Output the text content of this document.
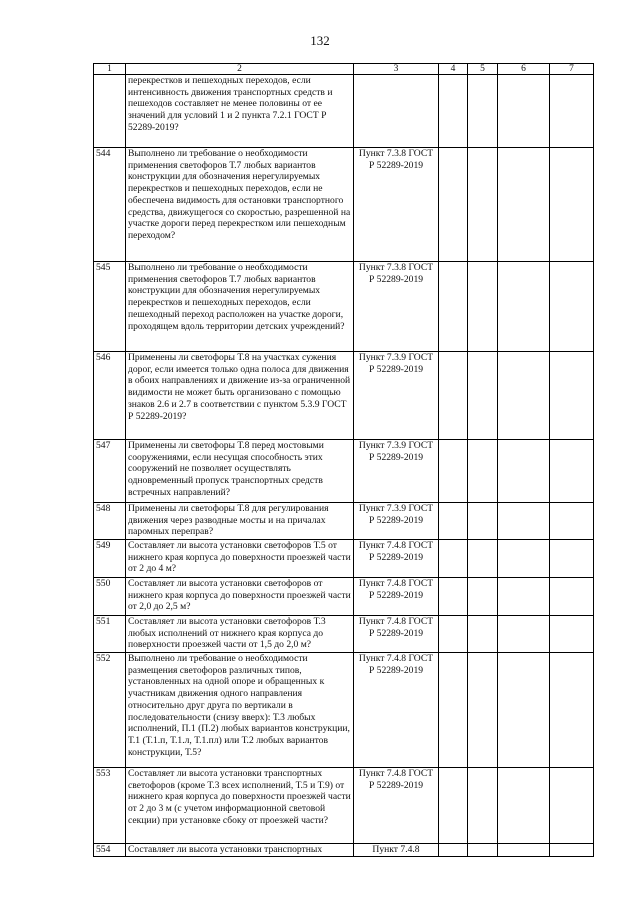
132
1	2	3	4	5	6	7
	перекрестков и пешеходных переходов, если интенсивность движения транспортных средств и пешеходов составляет не менее половины от ее значений для условий 1 и 2 пункта 7.2.1 ГОСТ Р 52289-2019?					
544	Выполнено ли требование о необходимости применения светофоров Т.7 любых вариантов конструкции для обозначения нерегулируемых перекрестков и пешеходных переходов, если не обеспечена видимость для остановки транспортного средства, движущегося со скоростью, разрешенной на участке дороги перед перекрестком или пешеходным переходом?	Пункт 7.3.8 ГОСТ Р 52289-2019				
545	Выполнено ли требование о необходимости применения светофоров Т.7 любых вариантов конструкции для обозначения нерегулируемых перекрестков и пешеходных переходов, если пешеходный переход расположен на участке дороги, проходящем вдоль территории детских учреждений?	Пункт 7.3.8 ГОСТ Р 52289-2019				
546	Применены ли светофоры Т.8 на участках сужения дорог, если имеется только одна полоса для движения в обоих направлениях и движение из-за ограниченной видимости не может быть организовано с помощью знаков 2.6 и 2.7 в соответствии с пунктом 5.3.9 ГОСТ Р 52289-2019?	Пункт 7.3.9 ГОСТ Р 52289-2019				
547	Применены ли светофоры Т.8 перед мостовыми сооружениями, если несущая способность этих сооружений не позволяет осуществлять одновременный пропуск транспортных средств встречных направлений?	Пункт 7.3.9 ГОСТ Р 52289-2019				
548	Применены ли светофоры Т.8 для регулирования движения через разводные мосты и на причалах паромных переправ?	Пункт 7.3.9 ГОСТ Р 52289-2019				
549	Составляет ли высота установки светофоров Т.5 от нижнего края корпуса до поверхности проезжей части от 2 до 4 м?	Пункт 7.4.8 ГОСТ Р 52289-2019				
550	Составляет ли высота установки светофоров от нижнего края корпуса до поверхности проезжей части от 2,0 до 2,5 м?	Пункт 7.4.8 ГОСТ Р 52289-2019				
551	Составляет ли высота установки светофоров Т.3 любых исполнений от нижнего края корпуса до поверхности проезжей части от 1,5 до 2,0 м?	Пункт 7.4.8 ГОСТ Р 52289-2019				
552	Выполнено ли требование о необходимости размещения светофоров различных типов, установленных на одной опоре и обращенных к участникам движения одного направления относительно друг друга по вертикали в последовательности (снизу вверх): Т.3 любых исполнений, П.1 (П.2) любых вариантов конструкции, Т.1 (Т.1.п, Т.1.л, Т.1.пл) или Т.2 любых вариантов конструкции, Т.5?	Пункт 7.4.8 ГОСТ Р 52289-2019				
553	Составляет ли высота установки транспортных светофоров (кроме Т.3 всех исполнений, Т.5 и Т.9) от нижнего края корпуса до поверхности проезжей части от 2 до 3 м (с учетом информационной световой секции) при установке сбоку от проезжей части?	Пункт 7.4.8 ГОСТ Р 52289-2019				
554	Составляет ли высота установки транспортных	Пункт 7.4.8				
